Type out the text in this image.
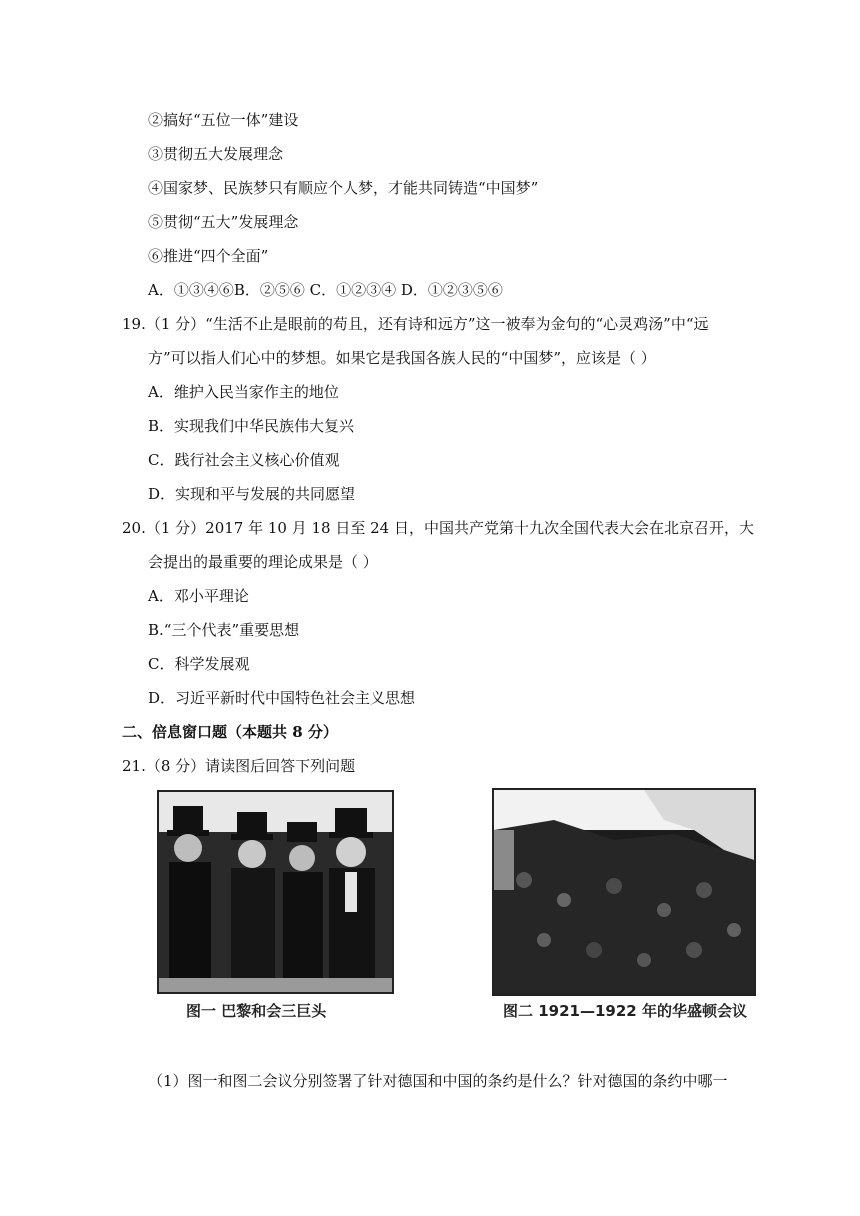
②搞好“五位一体”建设
③贯彻五大发展理念
④国家梦、民族梦只有顺应个人梦，才能共同铸造“中国梦”
⑤贯彻“五大”发展理念
⑥推进“四个全面”
A．①③④⑥B．②⑤⑥ C．①②③④ D．①②③⑤⑥
19.（1 分）“生活不止是眼前的苟且，还有诗和远方”这一被奉为金句的“心灵鸡汤”中“远
方”可以指人们心中的梦想。如果它是我国各族人民的“中国梦”，应该是（ ）
A．维护入民当家作主的地位
B．实现我们中华民族伟大复兴
C．践行社会主义核心价值观
D．实现和平与发展的共同愿望
20.（1 分）2017 年 10 月 18 日至 24 日，中国共产党第十九次全国代表大会在北京召开，大
会提出的最重要的理论成果是（ ）
A．邓小平理论
B.“三个代表”重要思想
C．科学发展观
D．习近平新时代中国特色社会主义思想
二、倍息窗口题（本题共 8 分）
21.（8 分）请读图后回答下列问题
图一 巴黎和会三巨头	图二 1921—1922 年的华盛顿会议
（1）图一和图二会议分别签署了针对德国和中国的条约是什么？针对德国的条约中哪一
